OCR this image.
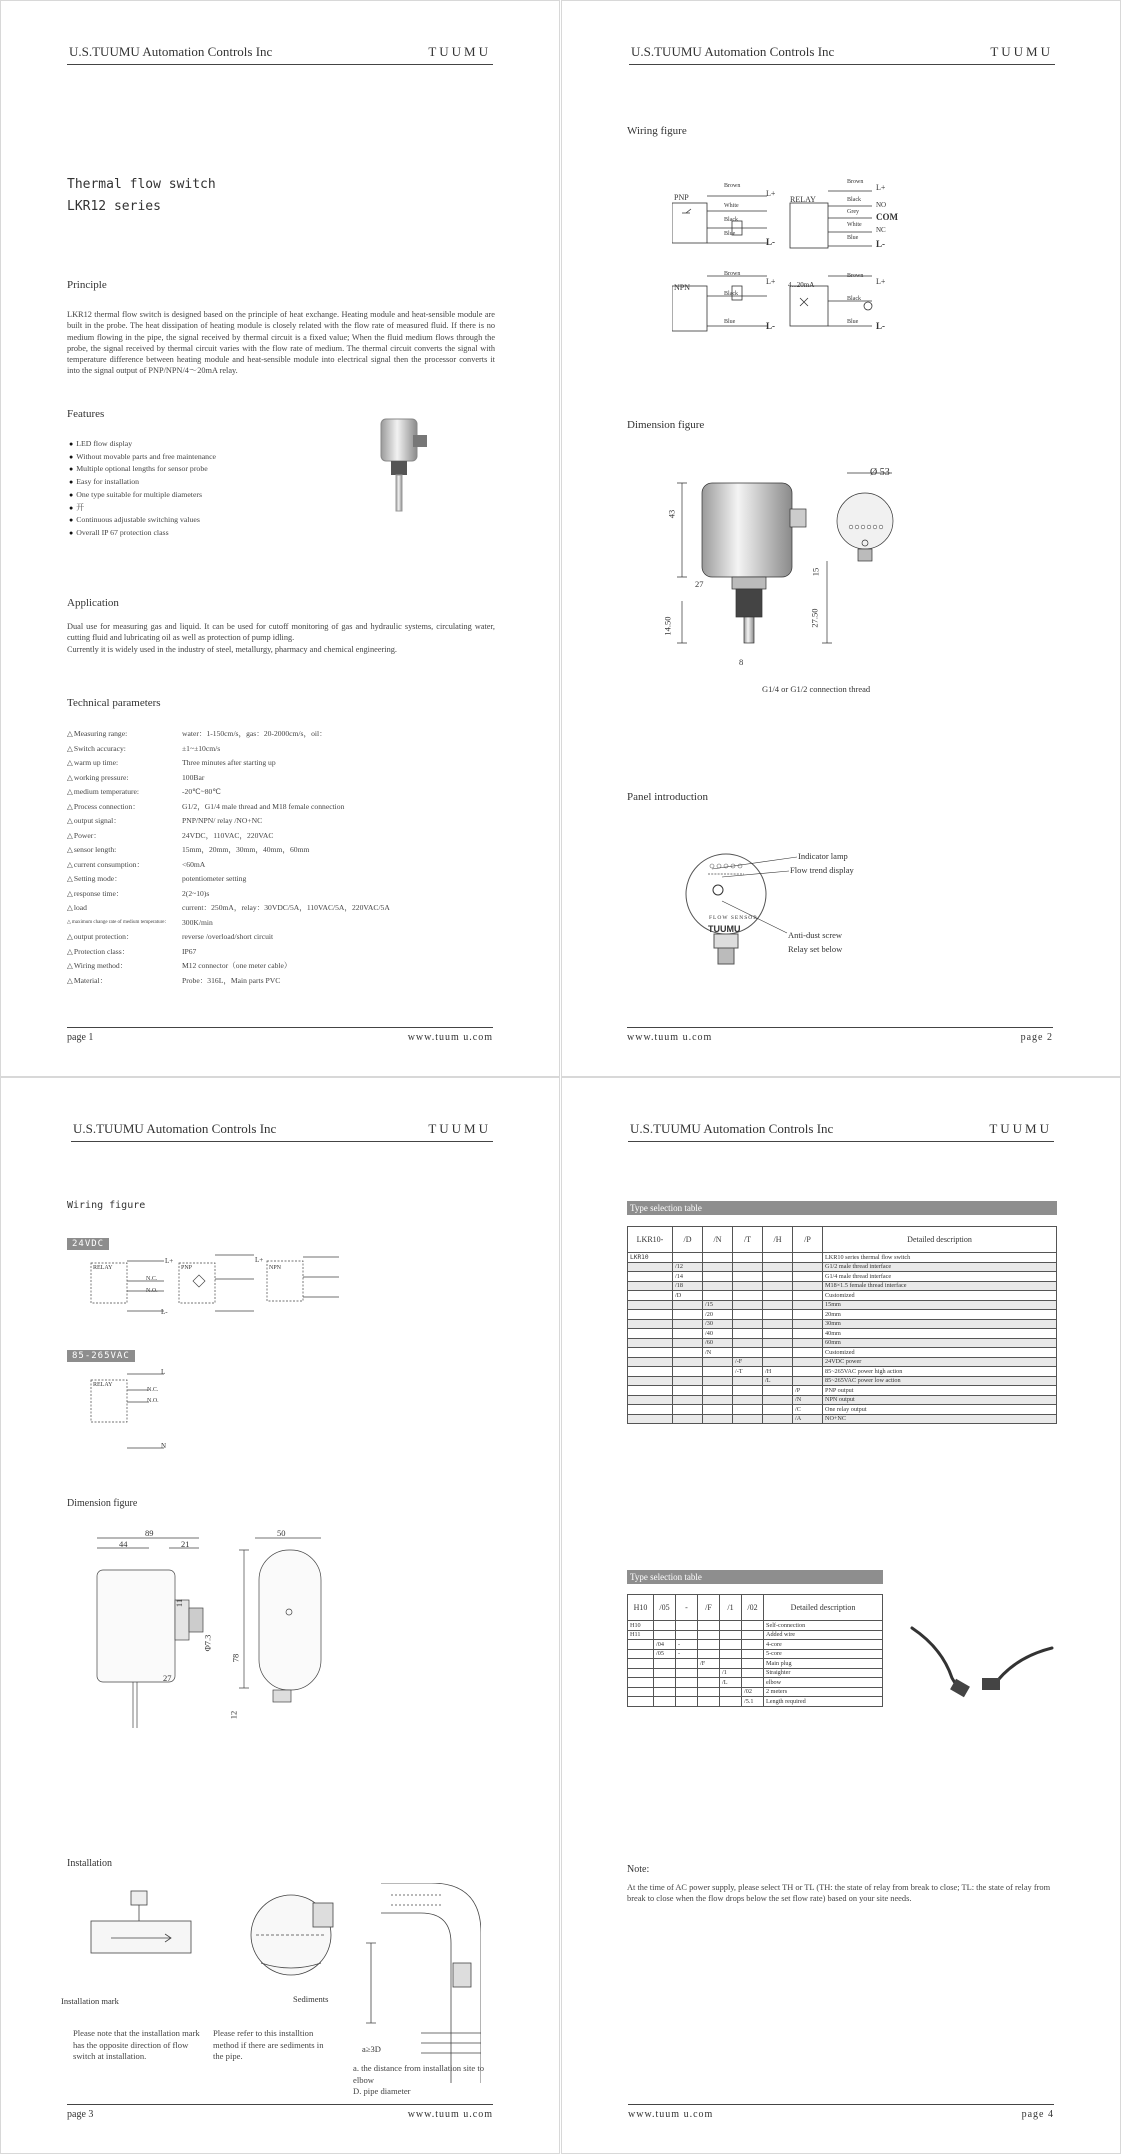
U.S.TUUMU Automation Controls Inc	TUUMU
Thermal flow switch
LKR12 series
Principle
LKR12 thermal flow switch is designed based on the principle of heat exchange. Heating module and heat-sensible module are built in the probe. The heat dissipation of heating module is closely related with the flow rate of measured fluid. If there is no medium flowing in the pipe, the signal received by thermal circuit is a fixed value; When the fluid medium flows through the probe, the signal received by thermal circuit varies with the flow rate of medium. The thermal circuit converts the signal with temperature difference between heating module and heat-sensible module into electrical signal then the processor converts it into the signal output of PNP/NPN/4～20mA relay.
Features
● LED flow display
● Without movable parts and free maintenance
● Multiple optional lengths for sensor probe
● Easy for installation
● One type suitable for multiple diameters
● 开
● Continuous adjustable switching values
● Overall IP 67 protection class
Application
Dual use for measuring gas and liquid. It can be used for cutoff monitoring of gas and hydraulic systems, circulating water, cutting fluid and lubricating oil as well as protection of pump idling.
Currently it is widely used in the industry of steel, metallurgy, pharmacy and chemical engineering.
Technical parameters
△ Measuring range:	water：1-150cm/s，gas：20-2000cm/s，oil：
△ Switch accuracy:	±1~±10cm/s
△ warm up time:	Three minutes after starting up
△ working pressure:	100Bar
△ medium temperature:	-20℃~80℃
△ Process connection：	G1/2，G1/4 male thread and M18 female connection
△ output signal：	PNP/NPN/ relay /NO+NC
△ Power：	24VDC，110VAC，220VAC
△ sensor length:	15mm，20mm，30mm，40mm，60mm
△ current consumption：	<60mA
△ Setting mode：	potentiometer setting
△ response time：	2(2~10)s
△ load	current：250mA，relay：30VDC/5A，110VAC/5A，220VAC/5A
△ maximum change rate of medium temperature：	300K/min
△ output protection：	reverse /overload/short circuit
△ Protection class：	IP67
△ Wiring method：	M12 connector（one meter cable）
△ Material：	Probe：316L，Main parts PVC
page 1	www.tuum u.com
U.S.TUUMU Automation Controls Inc	TUUMU
Wiring figure
PNP
Brown
White
Black
Blue
L+
L-
RELAY
Brown
Black
Grey
White
Blue
L+
NO
COM
NC
L-
NPN
Brown
Black
Blue
L+
L-
4...20mA
Brown
Black
Blue
L+
L-
Dimension figure
Ø 53
43
15
14.50	27.50
27
8
G1/4 or G1/2 connection thread
Panel introduction
FLOW SENSOR
TUUMU
Indicator lamp
Flow trend display
Anti-dust screw
Relay set below
www.tuum u.com	page 2
U.S.TUUMU Automation Controls Inc	TUUMU
Wiring figure
24VDC
RELAY	PNP	NPN
L+	L+
N.C.
N.O.
L-
85-265VAC
RELAY
L
N.C.
N.O.
N
Dimension figure
89
44	21
50
78
Φ7.3
27
12
11
Installation
Installation mark	Sediments
Please note that the installation mark has the opposite direction of flow switch at installation.
Please refer to this installtion method if there are sediments in the pipe.
a≥3D
a. the distance from installation site to elbow
D. pipe diameter
page 3	www.tuum u.com
U.S.TUUMU Automation Controls Inc	TUUMU
Type selection table
LKR10-	/D	/N	/T	/H	/P	Detailed description
LKR10						LKR10 series thermal flow switch
	/12					G1/2 male thread interface
	/14					G1/4 male thread interface
	/18					M18×1.5 female thread interface
	/D					Customized
		/15				15mm
		/20				20mm
		/30				30mm
		/40				40mm
		/60				60mm
		/N				Customized
			/-F			24VDC power
			/-T	/H		85~265VAC power high action
				/L		85~265VAC power low action
					/P	PNP output
					/N	NPN output
					/C	One relay output
					/A	NO+NC
Type selection table
H10	/05	-	/F	/1	/02	Detailed description
H10						Self-connection
H11						Added wire
	/04	-				4-core
	/05	-				5-core
			/F			Main plug
				/1		Straighter
				/L		elbow
					/02	2 meters
					/5.1	Length required
Note:
At the time of AC power supply, please select TH or TL (TH: the state of relay from break to close; TL: the state of relay from break to close when the flow drops below the set flow rate) based on your site needs.
www.tuum u.com	page 4
